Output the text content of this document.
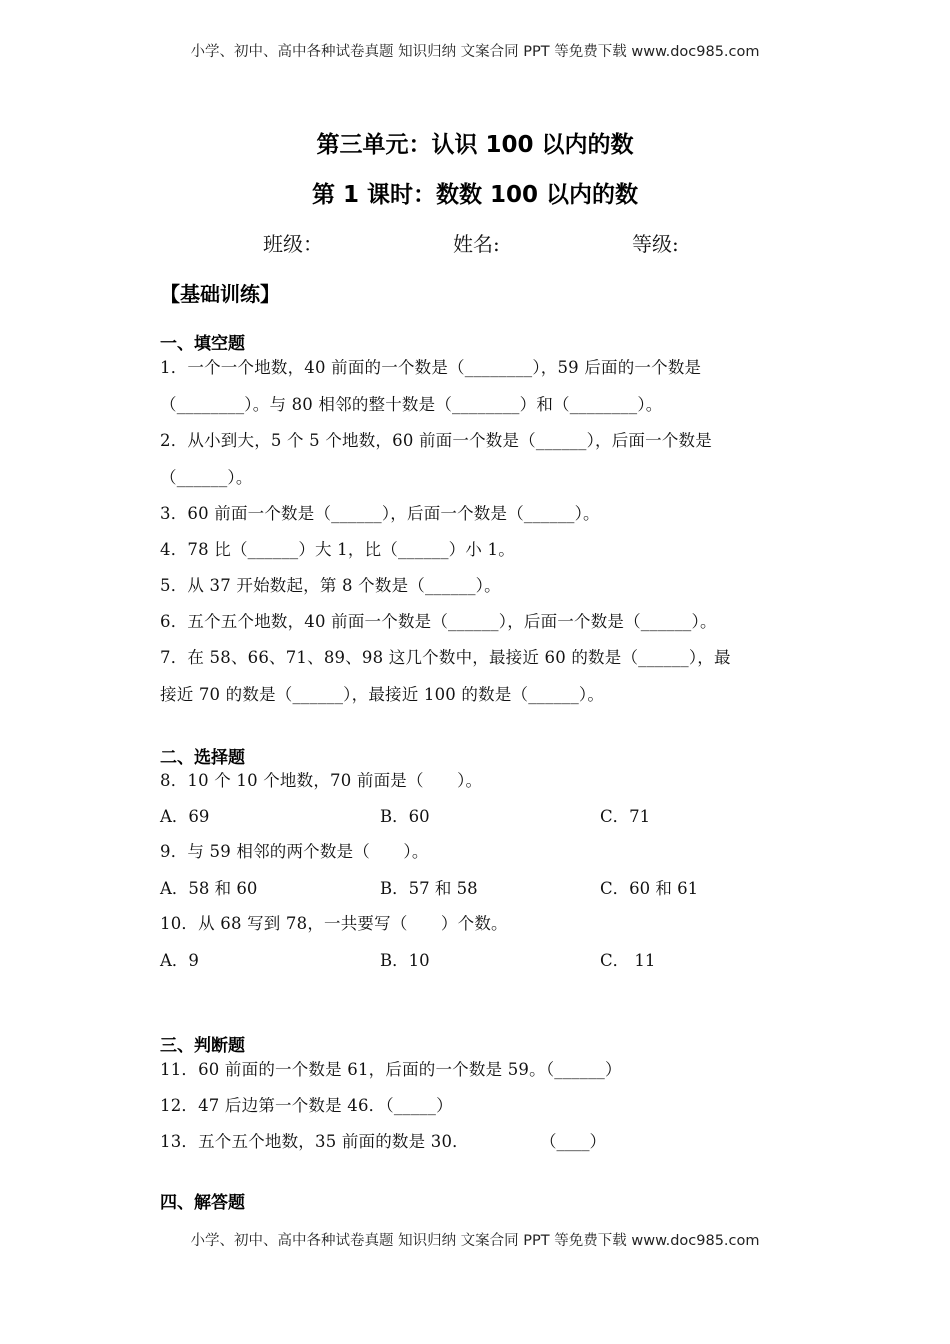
小学、初中、高中各种试卷真题 知识归纳 文案合同 PPT 等免费下载 www.doc985.com
第三单元：认识 100 以内的数
第 1 课时：数数 100 以内的数
班级：	姓名:	等级:
【基础训练】
一、填空题
1．一个一个地数，40 前面的一个数是（________），59 后面的一个数是
（________）。与 80 相邻的整十数是（________）和（________）。
2．从小到大，5 个 5 个地数，60 前面一个数是（______），后面一个数是
（______）。
3．60 前面一个数是（______），后面一个数是（______）。
4．78 比（______）大 1，比（______）小 1。
5．从 37 开始数起，第 8 个数是（______）。
6．五个五个地数，40 前面一个数是（______），后面一个数是（______）。
7．在 58、66、71、89、98 这几个数中，最接近 60 的数是（______），最
接近 70 的数是（______），最接近 100 的数是（______）。
二、选择题
8．10 个 10 个地数，70 前面是（　　）。
A．69	B．60	C．71
9．与 59 相邻的两个数是（　　）。
A．58 和 60	B．57 和 58	C．60 和 61
10．从 68 写到 78，一共要写（　　）个数。
A．9	B．10	C． 11
三、判断题
11．60 前面的一个数是 61，后面的一个数是 59。（______）
12．47 后边第一个数是 46．（_____）
13．五个五个地数，35 前面的数是 30．	（____）
四、解答题
小学、初中、高中各种试卷真题 知识归纳 文案合同 PPT 等免费下载 www.doc985.com
